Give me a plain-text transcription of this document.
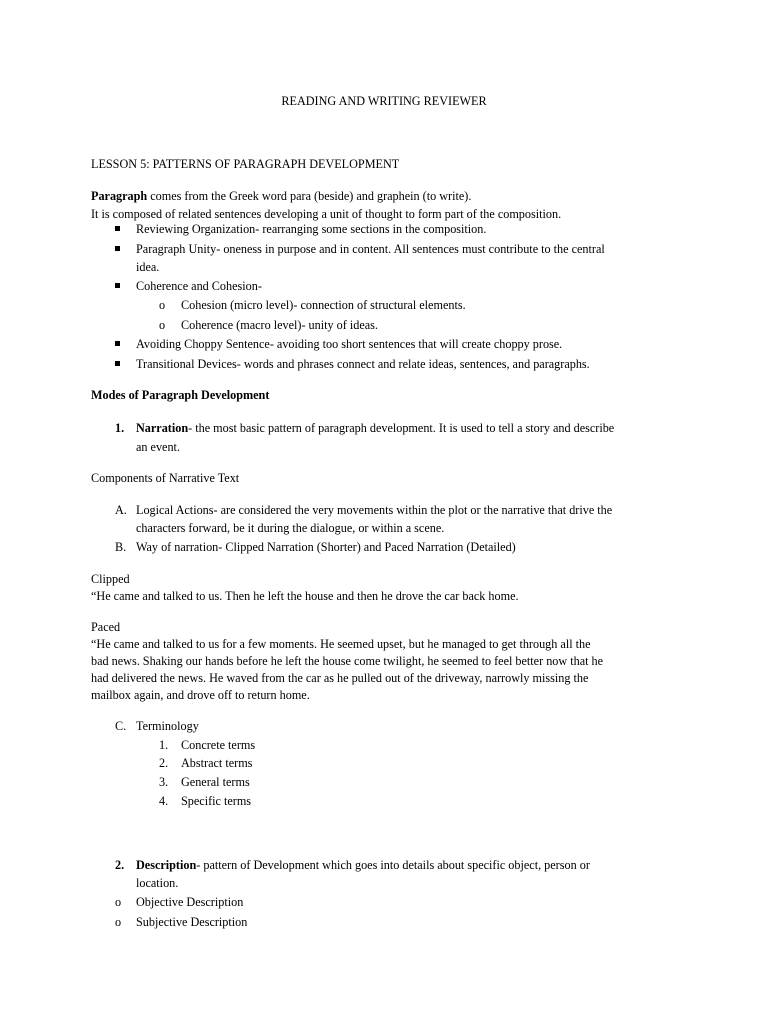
READING AND WRITING REVIEWER
LESSON 5: PATTERNS OF PARAGRAPH DEVELOPMENT
Paragraph comes from the Greek word para (beside) and graphein (to write).
It is composed of related sentences developing a unit of thought to form part of the composition.
Reviewing Organization- rearranging some sections in the composition.
Paragraph Unity- oneness in purpose and in content. All sentences must contribute to the central
idea.
Coherence and Cohesion-
o Cohesion (micro level)- connection of structural elements.
o Coherence (macro level)- unity of ideas.
Avoiding Choppy Sentence- avoiding too short sentences that will create choppy prose.
Transitional Devices- words and phrases connect and relate ideas, sentences, and paragraphs.
Modes of Paragraph Development
1. Narration- the most basic pattern of paragraph development. It is used to tell a story and describe
an event.
Components of Narrative Text
A. Logical Actions- are considered the very movements within the plot or the narrative that drive the
characters forward, be it during the dialogue, or within a scene.
B. Way of narration- Clipped Narration (Shorter) and Paced Narration (Detailed)
Clipped
“He came and talked to us. Then he left the house and then he drove the car back home.
Paced
“He came and talked to us for a few moments. He seemed upset, but he managed to get through all the
bad news. Shaking our hands before he left the house come twilight, he seemed to feel better now that he
had delivered the news. He waved from the car as he pulled out of the driveway, narrowly missing the
mailbox again, and drove off to return home.
C. Terminology
1. Concrete terms
2. Abstract terms
3. General terms
4. Specific terms
2. Description- pattern of Development which goes into details about specific object, person or
location.
o Objective Description
o Subjective Description
